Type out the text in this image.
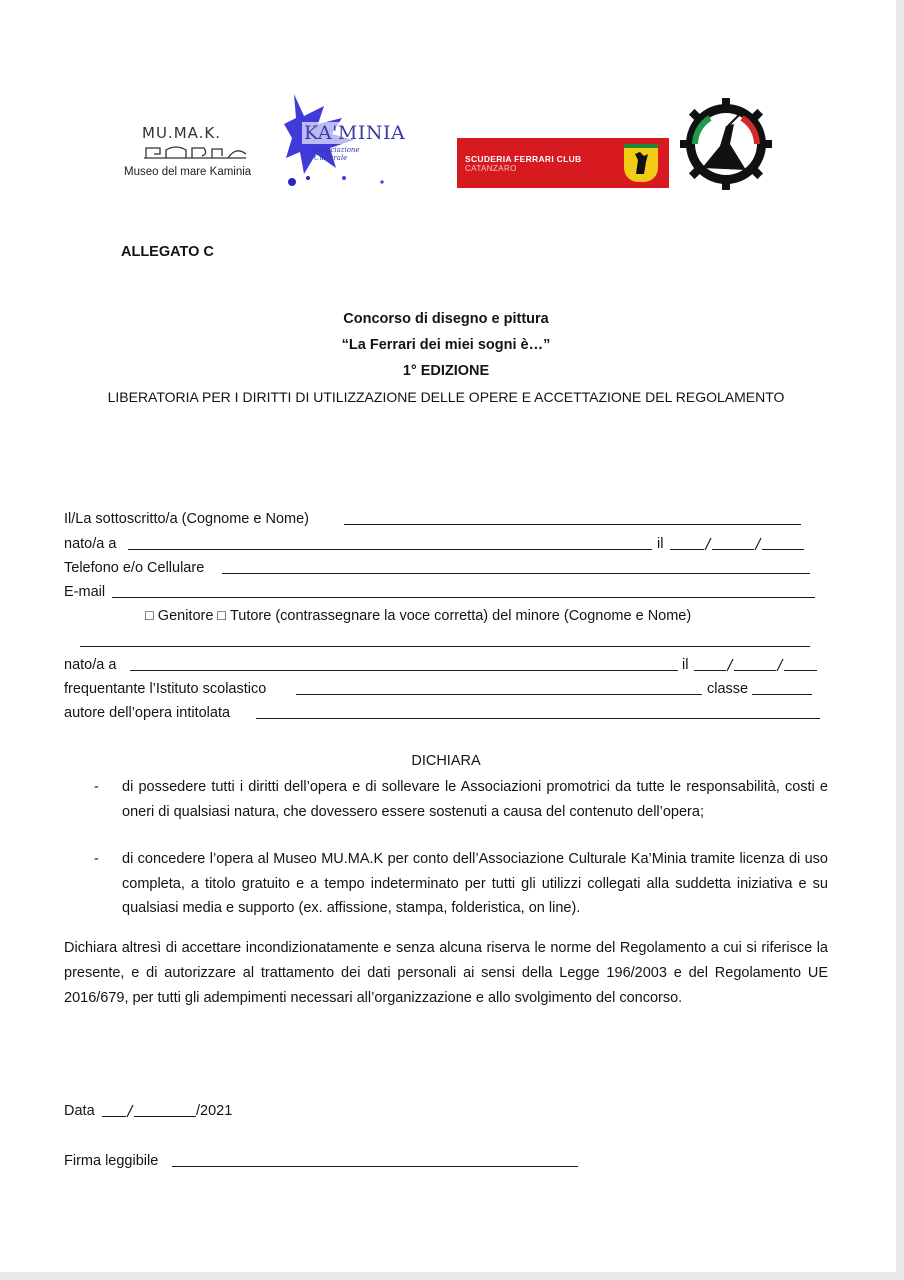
MU.MA.K.
Museo del mare Kaminia
KA'MINIA
Associazione Culturale	SCUDERIA FERRARI CLUB
CATANZARO
ALLEGATO C
Concorso di disegno e pittura
“La Ferrari dei miei sogni è…”
1° EDIZIONE
LIBERATORIA PER I DIRITTI DI UTILIZZAZIONE DELLE OPERE E ACCETTAZIONE DEL REGOLAMENTO
Il/La sottoscritto/a (Cognome e Nome)
nato/a a	il
Telefono e/o Cellulare
E-mail
□ Genitore □ Tutore (contrassegnare la voce corretta) del minore (Cognome e Nome)
nato/a a	il
frequentante l’Istituto scolastico	classe
autore dell’opera intitolata
DICHIARA
- di possedere tutti i diritti dell’opera e di sollevare le Associazioni promotrici da tutte le responsabilità, costi e oneri di qualsiasi natura, che dovessero essere sostenuti a causa del contenuto dell’opera;
- di concedere l’opera al Museo MU.MA.K per conto dell’Associazione Culturale Ka’Minia tramite licenza di uso completa, a titolo gratuito e a tempo indeterminato per tutti gli utilizzi collegati alla suddetta iniziativa e su qualsiasi media e supporto (ex. affissione, stampa, folderistica, on line).
Dichiara altresì di accettare incondizionatamente e senza alcuna riserva le norme del Regolamento a cui si riferisce la presente, e di autorizzare al trattamento dei dati personali ai sensi della Legge 196/2003 e del Regolamento UE 2016/679, per tutti gli adempimenti necessari all’organizzazione e allo svolgimento del concorso.
Data	/2021
Firma leggibile
